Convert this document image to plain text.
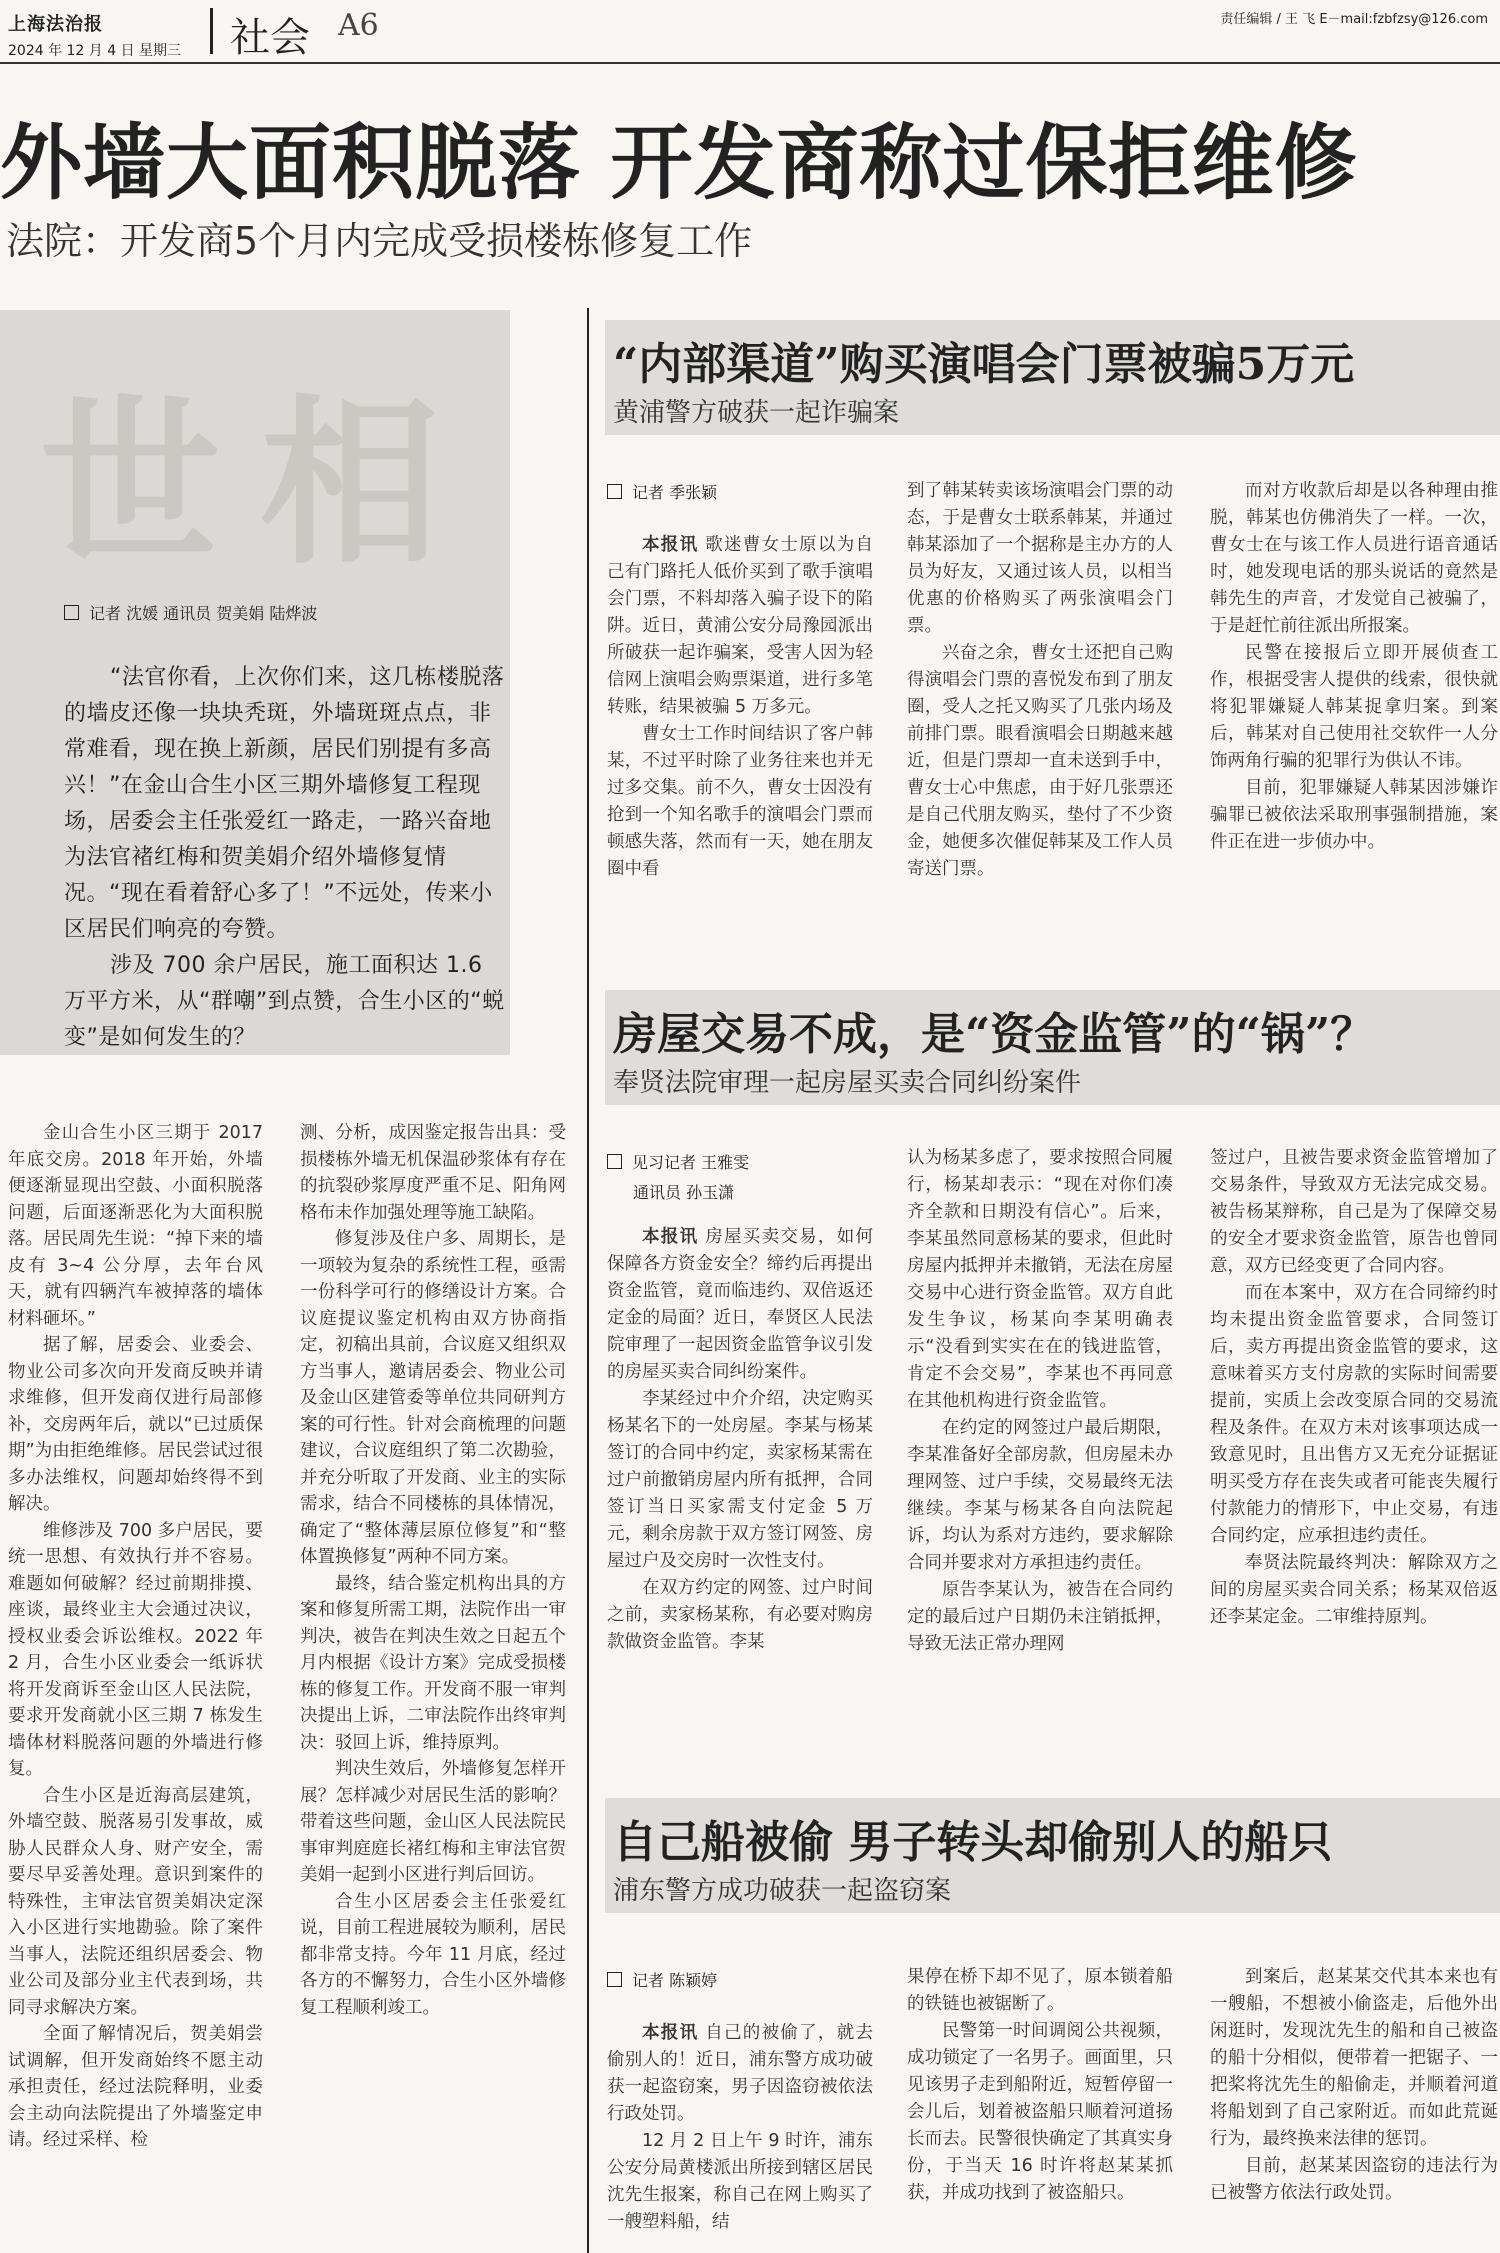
上海法治报
2024 年 12 月 4 日 星期三 社会 A6	责任编辑 / 王 飞 E－mail:fzbfzsy@126.com
外墙大面积脱落 开发商称过保拒维修
法院：开发商5个月内完成受损楼栋修复工作
世相
记者 沈媛 通讯员 贺美娟 陆烨波

“法官你看，上次你们来，这几栋楼脱落的墙皮还像一块块秃斑，外墙斑斑点点，非常难看，现在换上新颜，居民们别提有多高兴！”在金山合生小区三期外墙修复工程现场，居委会主任张爱红一路走，一路兴奋地为法官褚红梅和贺美娟介绍外墙修复情况。“现在看着舒心多了！”不远处，传来小区居民们响亮的夸赞。

涉及 700 余户居民，施工面积达 1.6 万平方米，从“群嘲”到点赞，合生小区的“蜕变”是如何发生的？

金山合生小区三期于 2017 年底交房。2018 年开始，外墙便逐渐显现出空鼓、小面积脱落问题，后面逐渐恶化为大面积脱落。居民周先生说：“掉下来的墙皮有 3~4 公分厚，去年台风天，就有四辆汽车被掉落的墙体材料砸坏。”

据了解，居委会、业委会、物业公司多次向开发商反映并请求维修，但开发商仅进行局部修补，交房两年后，就以“已过质保期”为由拒绝维修。居民尝试过很多办法维权，问题却始终得不到解决。

维修涉及 700 多户居民，要统一思想、有效执行并不容易。难题如何破解？经过前期排摸、座谈，最终业主大会通过决议，授权业委会诉讼维权。2022 年 2 月，合生小区业委会一纸诉状将开发商诉至金山区人民法院，要求开发商就小区三期 7 栋发生墙体材料脱落问题的外墙进行修复。

合生小区是近海高层建筑，外墙空鼓、脱落易引发事故，威胁人民群众人身、财产安全，需要尽早妥善处理。意识到案件的特殊性，主审法官贺美娟决定深入小区进行实地勘验。除了案件当事人，法院还组织居委会、物业公司及部分业主代表到场，共同寻求解决方案。

全面了解情况后，贺美娟尝试调解，但开发商始终不愿主动承担责任，经过法院释明，业委会主动向法院提出了外墙鉴定申请。经过采样、检

测、分析，成因鉴定报告出具：受损楼栋外墙无机保温砂浆体有存在的抗裂砂浆厚度严重不足、阳角网格布未作加强处理等施工缺陷。

修复涉及住户多、周期长，是一项较为复杂的系统性工程，亟需一份科学可行的修缮设计方案。合议庭提议鉴定机构由双方协商指定，初稿出具前，合议庭又组织双方当事人，邀请居委会、物业公司及金山区建管委等单位共同研判方案的可行性。针对会商梳理的问题建议，合议庭组织了第二次勘验，并充分听取了开发商、业主的实际需求，结合不同楼栋的具体情况，确定了“整体薄层原位修复”和“整体置换修复”两种不同方案。

最终，结合鉴定机构出具的方案和修复所需工期，法院作出一审判决，被告在判决生效之日起五个月内根据《设计方案》完成受损楼栋的修复工作。开发商不服一审判决提出上诉，二审法院作出终审判决：驳回上诉，维持原判。

判决生效后，外墙修复怎样开展？怎样减少对居民生活的影响？带着这些问题，金山区人民法院民事审判庭庭长褚红梅和主审法官贺美娟一起到小区进行判后回访。

合生小区居委会主任张爱红说，目前工程进展较为顺利，居民都非常支持。今年 11 月底，经过各方的不懈努力，合生小区外墙修复工程顺利竣工。

“内部渠道”购买演唱会门票被骗5万元
黄浦警方破获一起诈骗案
记者 季张颖

本报讯 歌迷曹女士原以为自己有门路托人低价买到了歌手演唱会门票，不料却落入骗子设下的陷阱。近日，黄浦公安分局豫园派出所破获一起诈骗案，受害人因为轻信网上演唱会购票渠道，进行多笔转账，结果被骗 5 万多元。

曹女士工作时间结识了客户韩某，不过平时除了业务往来也并无过多交集。前不久，曹女士因没有抢到一个知名歌手的演唱会门票而顿感失落，然而有一天，她在朋友圈中看

到了韩某转卖该场演唱会门票的动态，于是曹女士联系韩某，并通过韩某添加了一个据称是主办方的人员为好友，又通过该人员，以相当优惠的价格购买了两张演唱会门票。

兴奋之余，曹女士还把自己购得演唱会门票的喜悦发布到了朋友圈，受人之托又购买了几张内场及前排门票。眼看演唱会日期越来越近，但是门票却一直未送到手中，曹女士心中焦虑，由于好几张票还是自己代朋友购买，垫付了不少资金，她便多次催促韩某及工作人员寄送门票。

而对方收款后却是以各种理由推脱，韩某也仿佛消失了一样。一次，曹女士在与该工作人员进行语音通话时，她发现电话的那头说话的竟然是韩先生的声音，才发觉自己被骗了，于是赶忙前往派出所报案。

民警在接报后立即开展侦查工作，根据受害人提供的线索，很快就将犯罪嫌疑人韩某捉拿归案。到案后，韩某对自己使用社交软件一人分饰两角行骗的犯罪行为供认不讳。

目前，犯罪嫌疑人韩某因涉嫌诈骗罪已被依法采取刑事强制措施，案件正在进一步侦办中。

房屋交易不成，是“资金监管”的“锅”？
奉贤法院审理一起房屋买卖合同纠纷案件
见习记者 王雅雯
通讯员 孙玉潇

本报讯 房屋买卖交易，如何保障各方资金安全？缔约后再提出资金监管，竟而临违约、双倍返还定金的局面？近日，奉贤区人民法院审理了一起因资金监管争议引发的房屋买卖合同纠纷案件。

李某经过中介介绍，决定购买杨某名下的一处房屋。李某与杨某签订的合同中约定，卖家杨某需在过户前撤销房屋内所有抵押，合同签订当日买家需支付定金 5 万元，剩余房款于双方签订网签、房屋过户及交房时一次性支付。

在双方约定的网签、过户时间之前，卖家杨某称，有必要对购房款做资金监管。李某

认为杨某多虑了，要求按照合同履行，杨某却表示：“现在对你们凑齐全款和日期没有信心”。后来，李某虽然同意杨某的要求，但此时房屋内抵押并未撤销，无法在房屋交易中心进行资金监管。双方自此发生争议，杨某向李某明确表示“没看到实实在在的钱进监管，肯定不会交易”，李某也不再同意在其他机构进行资金监管。

在约定的网签过户最后期限，李某准备好全部房款，但房屋未办理网签、过户手续，交易最终无法继续。李某与杨某各自向法院起诉，均认为系对方违约，要求解除合同并要求对方承担违约责任。

原告李某认为，被告在合同约定的最后过户日期仍未注销抵押，导致无法正常办理网

签过户，且被告要求资金监管增加了交易条件，导致双方无法完成交易。被告杨某辩称，自己是为了保障交易的安全才要求资金监管，原告也曾同意，双方已经变更了合同内容。

而在本案中，双方在合同缔约时均未提出资金监管要求，合同签订后，卖方再提出资金监管的要求，这意味着买方支付房款的实际时间需要提前，实质上会改变原合同的交易流程及条件。在双方未对该事项达成一致意见时，且出售方又无充分证据证明买受方存在丧失或者可能丧失履行付款能力的情形下，中止交易，有违合同约定，应承担违约责任。

奉贤法院最终判决：解除双方之间的房屋买卖合同关系；杨某双倍返还李某定金。二审维持原判。

自己船被偷 男子转头却偷别人的船只
浦东警方成功破获一起盗窃案
记者 陈颖婷

本报讯 自己的被偷了，就去偷别人的！近日，浦东警方成功破获一起盗窃案，男子因盗窃被依法行政处罚。

12 月 2 日上午 9 时许，浦东公安分局黄楼派出所接到辖区居民沈先生报案，称自己在网上购买了一艘塑料船，结

果停在桥下却不见了，原本锁着船的铁链也被锯断了。

民警第一时间调阅公共视频，成功锁定了一名男子。画面里，只见该男子走到船附近，短暂停留一会儿后，划着被盗船只顺着河道扬长而去。民警很快确定了其真实身份，于当天 16 时许将赵某某抓获，并成功找到了被盗船只。

到案后，赵某某交代其本来也有一艘船，不想被小偷盗走，后他外出闲逛时，发现沈先生的船和自己被盗的船十分相似，便带着一把锯子、一把桨将沈先生的船偷走，并顺着河道将船划到了自己家附近。而如此荒诞行为，最终换来法律的惩罚。

目前，赵某某因盗窃的违法行为已被警方依法行政处罚。
